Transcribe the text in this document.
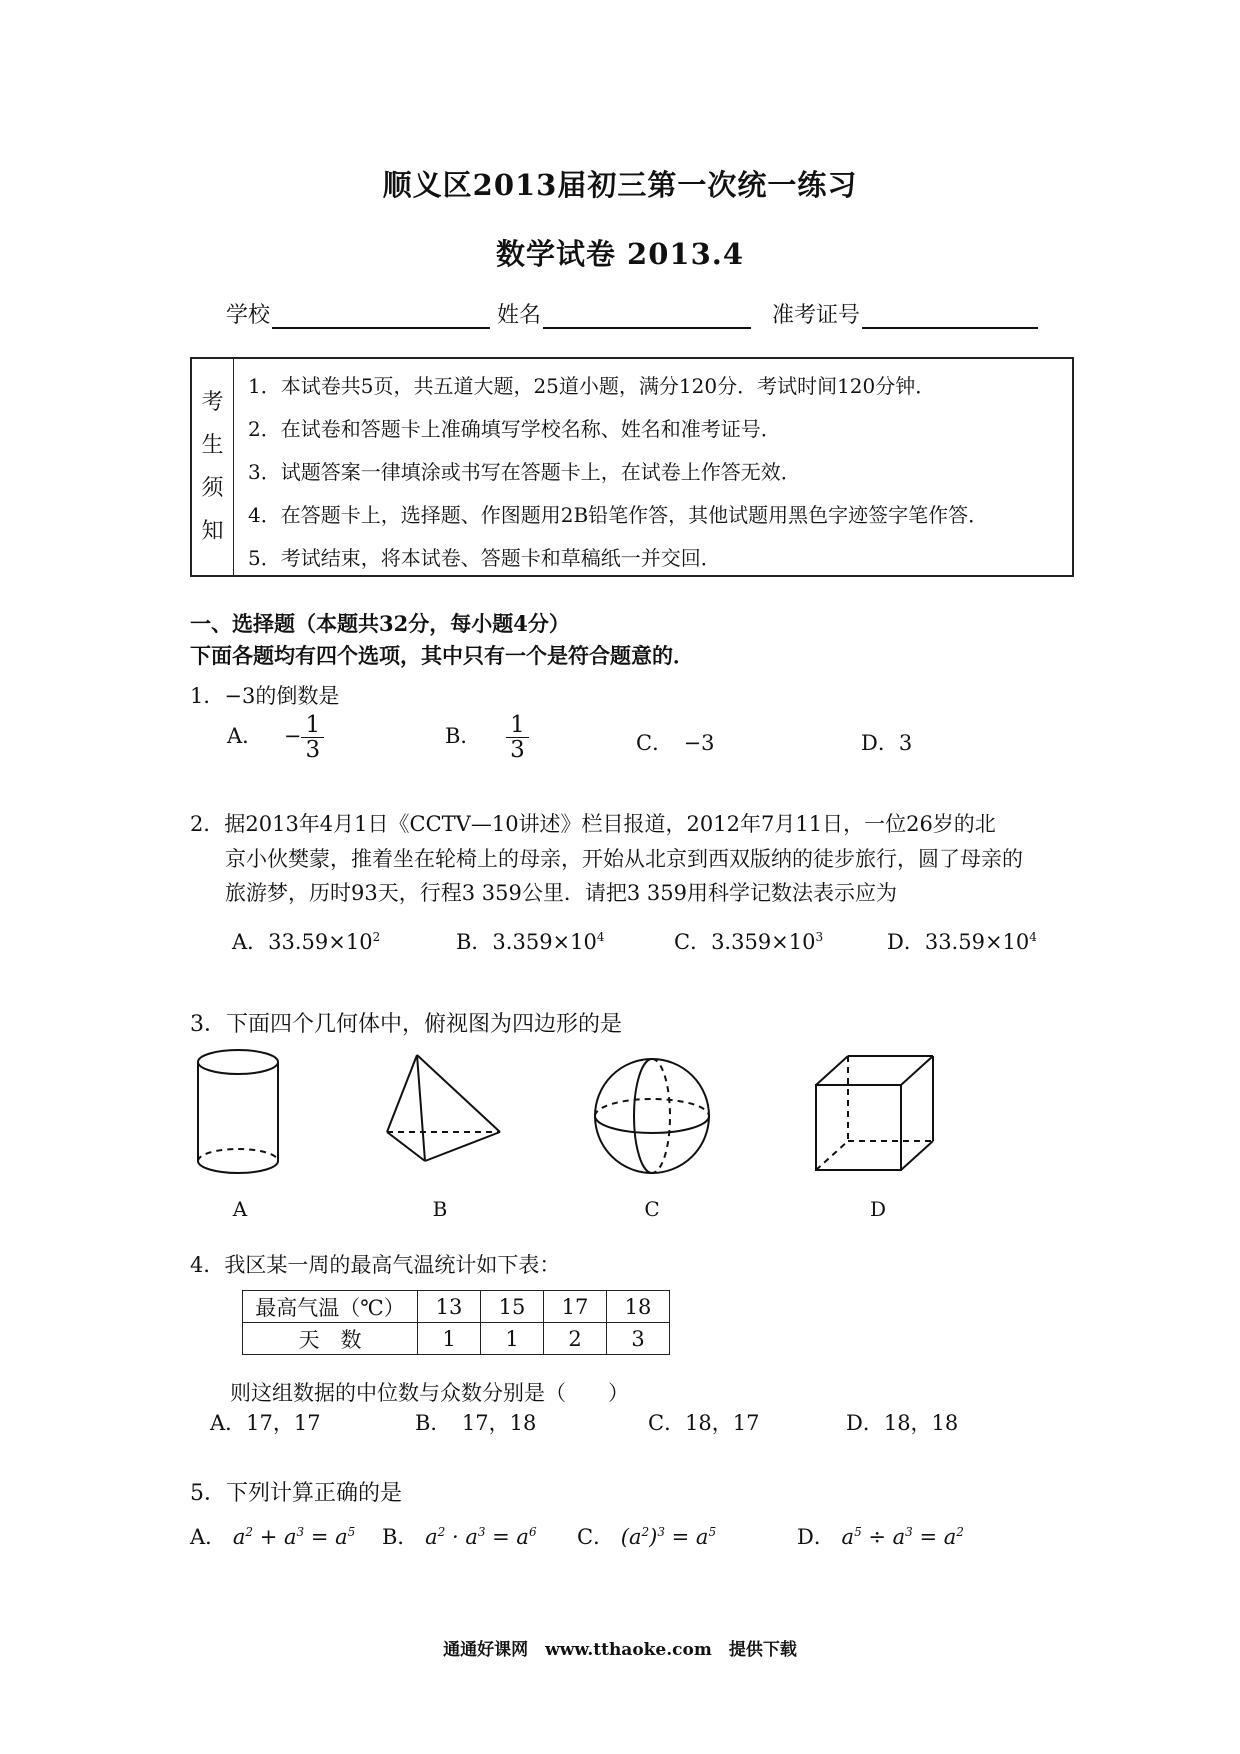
顺义区2013届初三第一次统一练习
数学试卷 2013.4
学校	姓名	准考证号
考
生
须
知
1．本试卷共5页，共五道大题，25道小题，满分120分．考试时间120分钟．
2．在试卷和答题卡上准确填写学校名称、姓名和准考证号．
3．试题答案一律填涂或书写在答题卡上，在试卷上作答无效．
4．在答题卡上，选择题、作图题用2B铅笔作答，其他试题用黑色字迹签字笔作答．
5．考试结束，将本试卷、答题卡和草稿纸一并交回．
一、选择题（本题共32分，每小题4分）
下面各题均有四个选项，其中只有一个是符合题意的．
1．−3的倒数是
A． − $\frac{1}{3}$	B． $\frac{1}{3}$	C．　−3	D．3
2．据2013年4月1日《CCTV—10讲述》栏目报道，2012年7月11日，一位26岁的北
京小伙樊蒙，推着坐在轮椅上的母亲，开始从北京到西双版纳的徒步旅行，圆了母亲的
旅游梦，历时93天，行程3 359公里．请把3 359用科学记数法表示应为
A．$33.59\times 10^2$	B．$3.359\times 10^4$	C．$3.359\times 10^3$	D．$33.59\times 10^4$
3．下面四个几何体中，俯视图为四边形的是
A	B	C	D
4．我区某一周的最高气温统计如下表：
最高气温（℃）	13	15	17	18
天　数	1	1	2	3
则这组数据的中位数与众数分别是（　　）
A．17，17	B．　17，18	C．18，17	D．18，18
5．下列计算正确的是
A． $a^2 + a^3 = a^5$ B． $a^2 \cdot a^3 = a^6$ C． $(a^2)^3 = a^5$	D． $a^5 \div a^3 = a^2$
通通好课网　www.tthaoke.com　提供下载
